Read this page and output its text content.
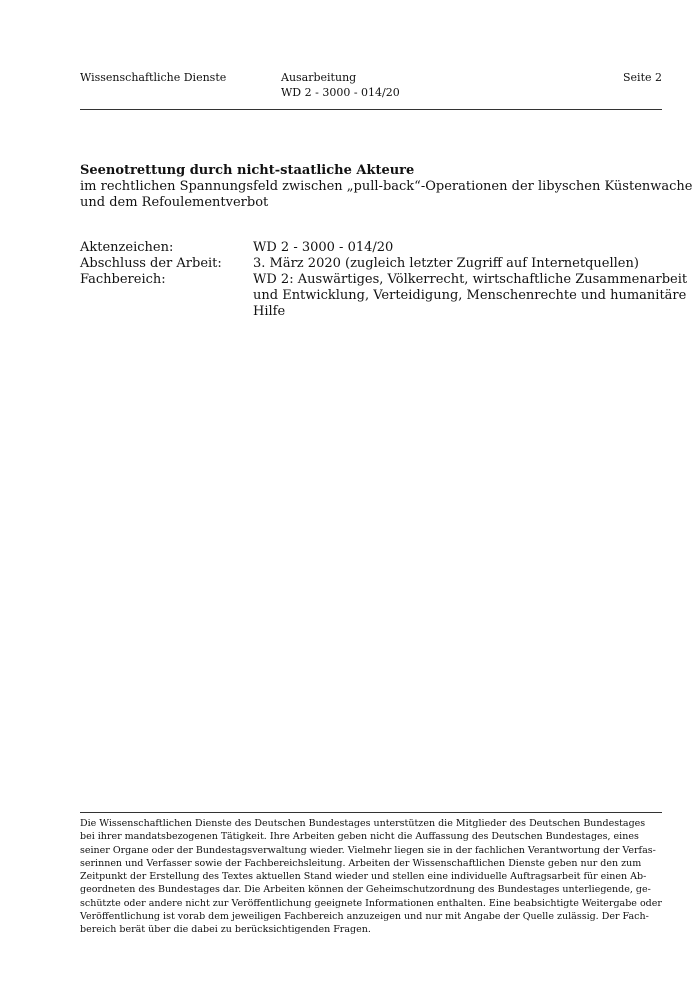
Wissenschaftliche Dienste	Ausarbeitung
WD 2 - 3000 - 014/20
Seite 2
Seenotrettung durch nicht-staatliche Akteure
im rechtlichen Spannungsfeld zwischen „pull-back“-Operationen der libyschen Küstenwache
und dem Refoulementverbot
Aktenzeichen:	WD 2 - 3000 - 014/20
Abschluss der Arbeit:	3. März 2020 (zugleich letzter Zugriff auf Internetquellen)
Fachbereich:	WD 2: Auswärtiges, Völkerrecht, wirtschaftliche Zusammenarbeit
und Entwicklung, Verteidigung, Menschenrechte und humanitäre
Hilfe
Die Wissenschaftlichen Dienste des Deutschen Bundestages unterstützen die Mitglieder des Deutschen Bundestages
bei ihrer mandatsbezogenen Tätigkeit. Ihre Arbeiten geben nicht die Auffassung des Deutschen Bundestages, eines
seiner Organe oder der Bundestagsverwaltung wieder. Vielmehr liegen sie in der fachlichen Verantwortung der Verfas-
serinnen und Verfasser sowie der Fachbereichsleitung. Arbeiten der Wissenschaftlichen Dienste geben nur den zum
Zeitpunkt der Erstellung des Textes aktuellen Stand wieder und stellen eine individuelle Auftragsarbeit für einen Ab-
geordneten des Bundestages dar. Die Arbeiten können der Geheimschutzordnung des Bundestages unterliegende, ge-
schützte oder andere nicht zur Veröffentlichung geeignete Informationen enthalten. Eine beabsichtigte Weitergabe oder
Veröffentlichung ist vorab dem jeweiligen Fachbereich anzuzeigen und nur mit Angabe der Quelle zulässig. Der Fach-
bereich berät über die dabei zu berücksichtigenden Fragen.
